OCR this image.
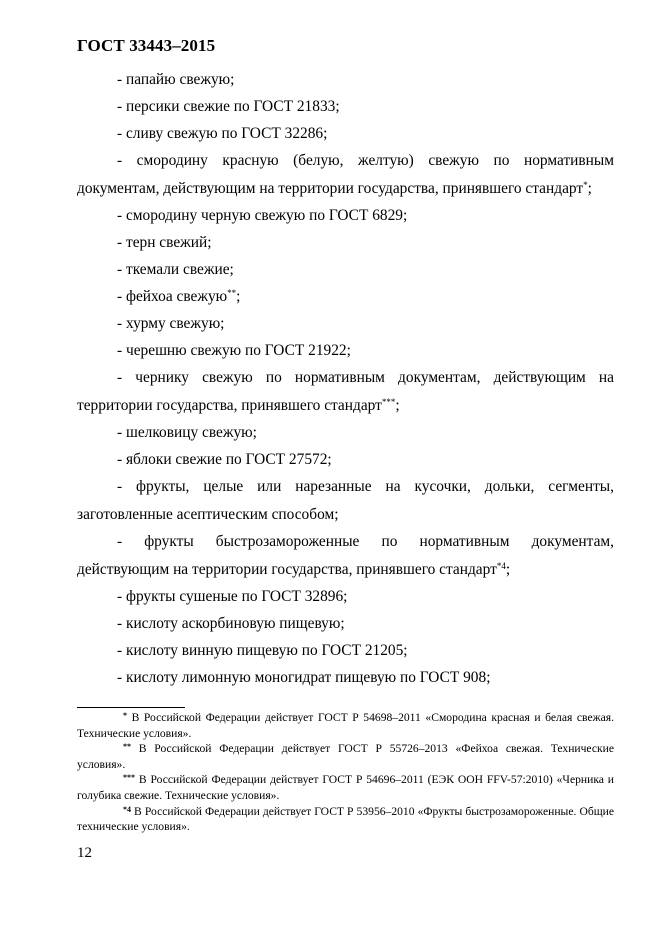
ГОСТ 33443–2015

- папайю свежую;

- персики свежие по ГОСТ 21833;

- сливу свежую по ГОСТ 32286;

- смородину красную (белую, желтую) свежую по нормативным документам, действующим на территории государства, принявшего стандарт*;

- смородину черную свежую по ГОСТ 6829;

- терн свежий;

- ткемали свежие;

- фейхоа свежую**;

- хурму свежую;

- черешню свежую по ГОСТ 21922;

- чернику свежую по нормативным документам, действующим на территории государства, принявшего стандарт***;

- шелковицу свежую;

- яблоки свежие по ГОСТ 27572;

- фрукты, целые или нарезанные на кусочки, дольки, сегменты, заготовленные асептическим способом;

- фрукты быстрозамороженные по нормативным документам, действующим на территории государства, принявшего стандарт$^{*4}$;

- фрукты сушеные по ГОСТ 32896;

- кислоту аскорбиновую пищевую;

- кислоту винную пищевую по ГОСТ 21205;

- кислоту лимонную моногидрат пищевую по ГОСТ 908;

* В Российской Федерации действует ГОСТ Р 54698–2011 «Смородина красная и белая свежая. Технические условия».

** В Российской Федерации действует ГОСТ Р 55726–2013 «Фейхоа свежая. Технические условия».

*** В Российской Федерации действует ГОСТ Р 54696–2011 (ЕЭК ООН FFV-57:2010) «Черника и голубика свежие. Технические условия».

$^{*4}$ В Российской Федерации действует ГОСТ Р 53956–2010 «Фрукты быстрозамороженные. Общие технические условия».

12
